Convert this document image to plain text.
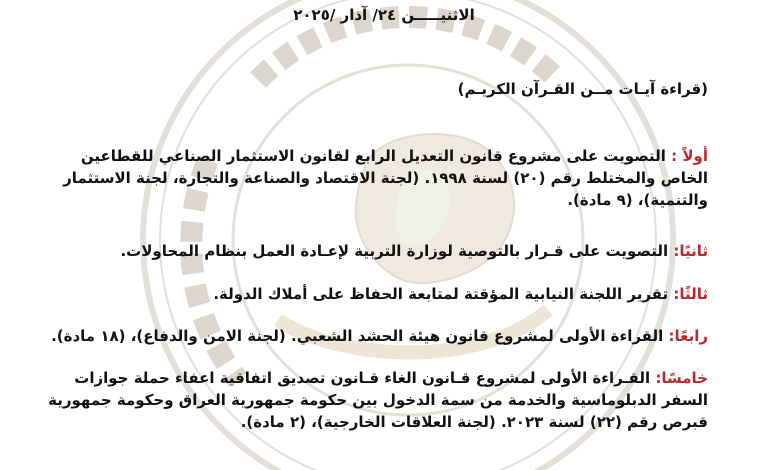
الاثنيـــــن ٢٤/ آذار /٢٠٢٥
(قراءة آيـات مــن القـرآن الكريـم)
أولاً : التصويت على مشروع قانون التعديل الرابع لقانون الاستثمار الصناعي للقطاعين الخاص والمختلط رقم (٢٠) لسنة ١٩٩٨. (لجنة الاقتصاد والصناعة والتجارة، لجنة الاستثمار والتنمية)، (٩ مادة).
ثانيًا: التصويت على قـرار بالتوصية لوزارة التربية لإعـادة العمل بنظام المحاولات.
ثالثًا: تقرير اللجنة النيابية المؤقتة لمتابعة الحفاظ على أملاك الدولة.
رابعًا: القراءة الأولى لمشروع قانون هيئة الحشد الشعبي. (لجنة الامن والدفاع)، (١٨ مادة).
خامسًا: القـراءة الأولى لمشروع قـانون الغاء قـانون تصديق اتفاقية اعفاء حملة جوازات السفر الدبلوماسية والخدمة من سمة الدخول بين حكومة جمهورية العراق وحكومة جمهورية قبرص رقم (٢٢) لسنة ٢٠٢٣. (لجنة العلاقات الخارجية)، (٢ مادة).
